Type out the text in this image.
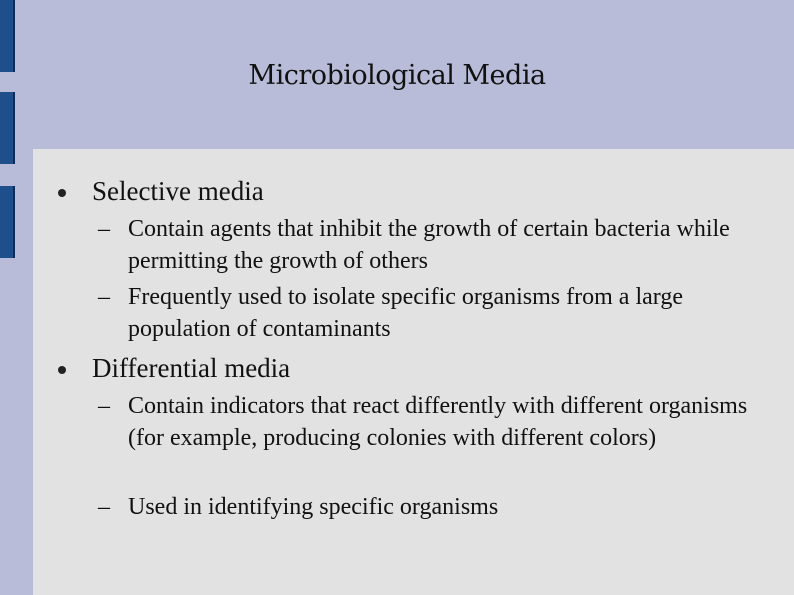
Microbiological Media
Selective media
– Contain agents that inhibit the growth of certain bacteria while permitting the growth of others
– Frequently used to isolate specific organisms from a large population of contaminants
Differential media
– Contain indicators that react differently with different organisms (for example, producing colonies with different colors)
– Used in identifying specific organisms
